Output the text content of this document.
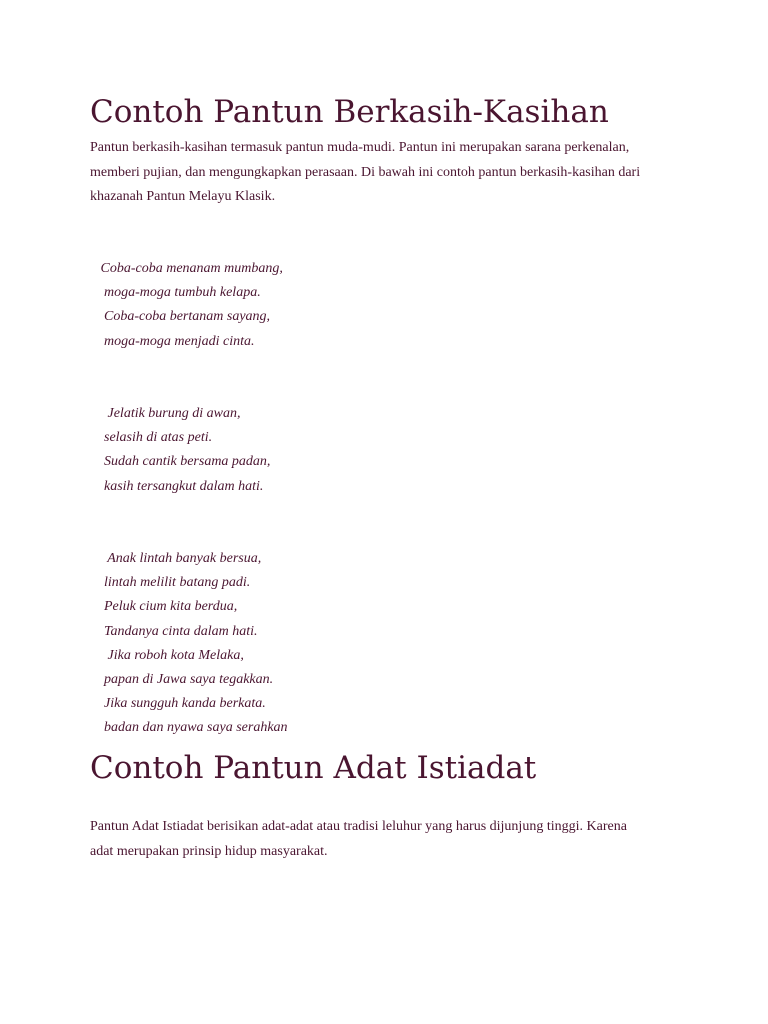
Contoh Pantun Berkasih-Kasihan

Pantun berkasih-kasihan termasuk pantun muda-mudi. Pantun ini merupakan sarana perkenalan,
memberi pujian, dan mengungkapkan perasaan. Di bawah ini contoh pantun berkasih-kasihan dari
khazanah Pantun Melayu Klasik.

Coba-coba menanam mumbang,
moga-moga tumbuh kelapa.
Coba-coba bertanam sayang,
moga-moga menjadi cinta.
Jelatik burung di awan,
selasih di atas peti.
Sudah cantik bersama padan,
kasih tersangkut dalam hati.
Anak lintah banyak bersua,
lintah melilit batang padi.
Peluk cium kita berdua,
Tandanya cinta dalam hati.
Jika roboh kota Melaka,
papan di Jawa saya tegakkan.
Jika sungguh kanda berkata.
badan dan nyawa saya serahkan
Contoh Pantun Adat Istiadat

Pantun Adat Istiadat berisikan adat-adat atau tradisi leluhur yang harus dijunjung tinggi. Karena
adat merupakan prinsip hidup masyarakat.
